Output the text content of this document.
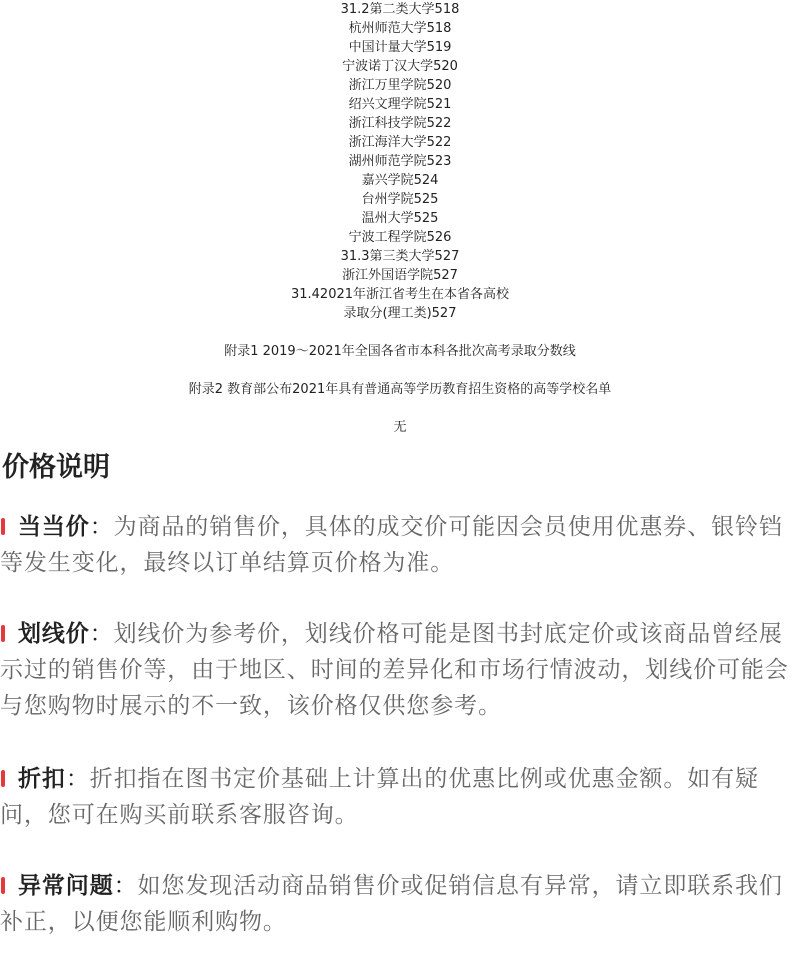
31.2第二类大学518
杭州师范大学518
中国计量大学519
宁波诺丁汉大学520
浙江万里学院520
绍兴文理学院521
浙江科技学院522
浙江海洋大学522
湖州师范学院523
嘉兴学院524
台州学院525
温州大学525
宁波工程学院526
31.3第三类大学527
浙江外国语学院527
31.42021年浙江省考生在本省各高校
录取分(理工类)527
附录1 2019～2021年全国各省市本科各批次高考录取分数线
附录2 教育部公布2021年具有普通高等学历教育招生资格的高等学校名单
无
价格说明
当当价：为商品的销售价，具体的成交价可能因会员使用优惠券、银铃铛等发生变化，最终以订单结算页价格为准。
划线价：划线价为参考价，划线价格可能是图书封底定价或该商品曾经展示过的销售价等，由于地区、时间的差异化和市场行情波动，划线价可能会与您购物时展示的不一致，该价格仅供您参考。
折扣：折扣指在图书定价基础上计算出的优惠比例或优惠金额。如有疑问，您可在购买前联系客服咨询。
异常问题：如您发现活动商品销售价或促销信息有异常，请立即联系我们补正，以便您能顺利购物。
